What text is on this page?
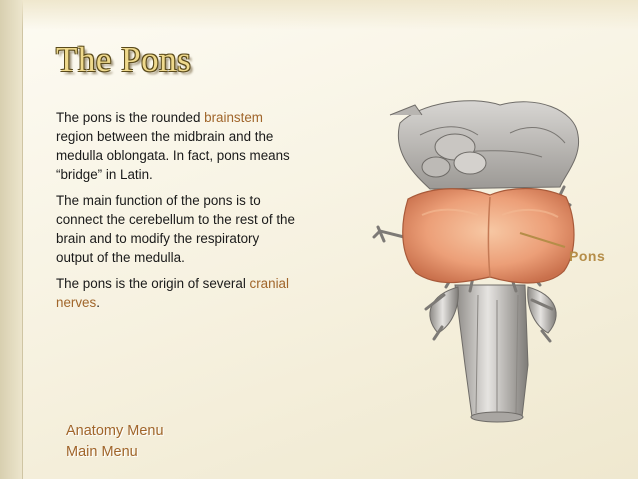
The Pons

The pons is the rounded brainstem region between the midbrain and the medulla oblongata. In fact, pons means “bridge” in Latin.

The main function of the pons is to connect the cerebellum to the rest of the brain and to modify the respiratory output of the medulla.

The pons is the origin of several cranial nerves.

Pons
Anatomy Menu
Main Menu
